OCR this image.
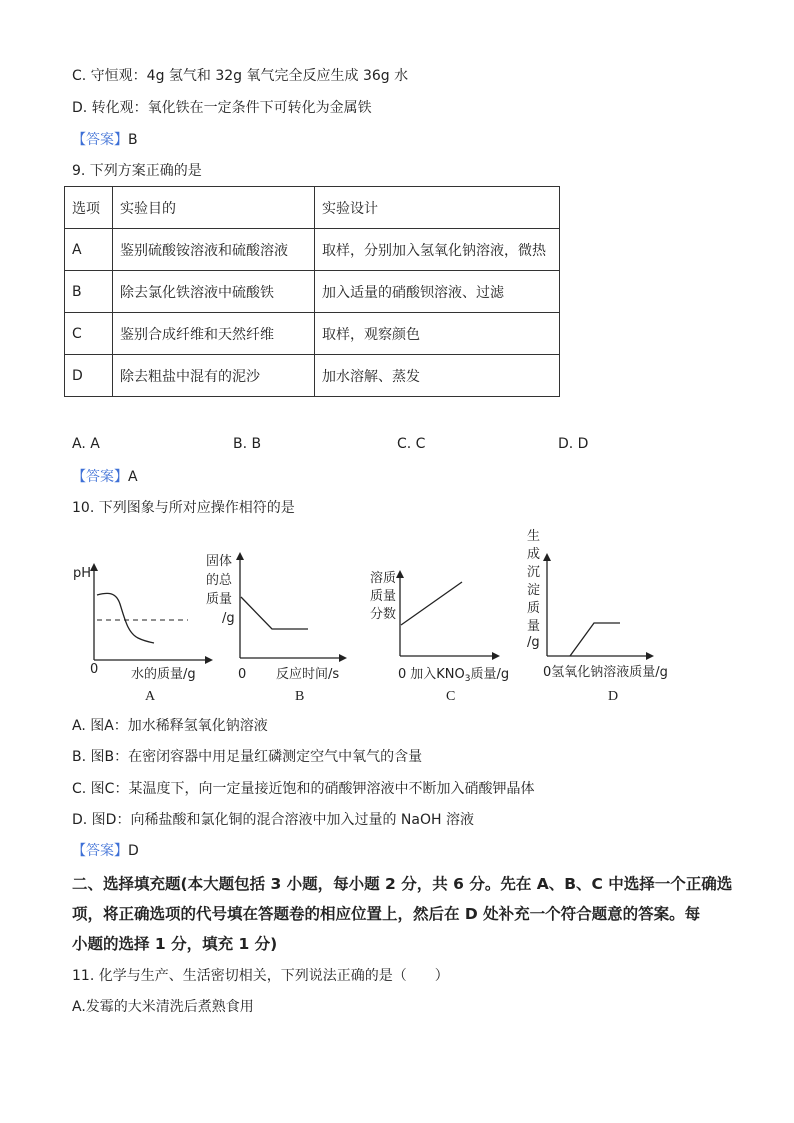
C. 守恒观：4g 氢气和 32g 氧气完全反应生成 36g 水
D. 转化观：氧化铁在一定条件下可转化为金属铁
【答案】B
9. 下列方案正确的是
选项	实验目的	实验设计
A	鉴别硫酸铵溶液和硫酸溶液	取样，分别加入氢氧化钠溶液，微热
B	除去氯化铁溶液中硫酸铁	加入适量的硝酸钡溶液、过滤
C	鉴别合成纤维和天然纤维	取样，观察颜色
D	除去粗盐中混有的泥沙	加水溶解、蒸发
A. A	B. B	C. C	D. D
【答案】A
10. 下列图象与所对应操作相符的是
pH
0	水的质量/g
A
固体
的总
质量
/g
0 反应时间/s
B
溶质
质量
分数
0 加入$KNO_3$质量/g
C
生
成
沉
淀
质
量
/g
0氢氧化钠溶液质量/g
D
A. 图A：加水稀释氢氧化钠溶液
B. 图B：在密闭容器中用足量红磷测定空气中氧气的含量
C. 图C：某温度下，向一定量接近饱和的硝酸钾溶液中不断加入硝酸钾晶体
D. 图D：向稀盐酸和氯化铜的混合溶液中加入过量的 NaOH 溶液
【答案】D
二、选择填充题(本大题包括 3 小题，每小题 2 分，共 6 分。先在 A、B、C 中选择一个正确选
项，将正确选项的代号填在答题卷的相应位置上，然后在 D 处补充一个符合题意的答案。每
小题的选择 1 分，填充 1 分)
11. 化学与生产、生活密切相关，下列说法正确的是（　　）
A.发霉的大米清洗后煮熟食用
